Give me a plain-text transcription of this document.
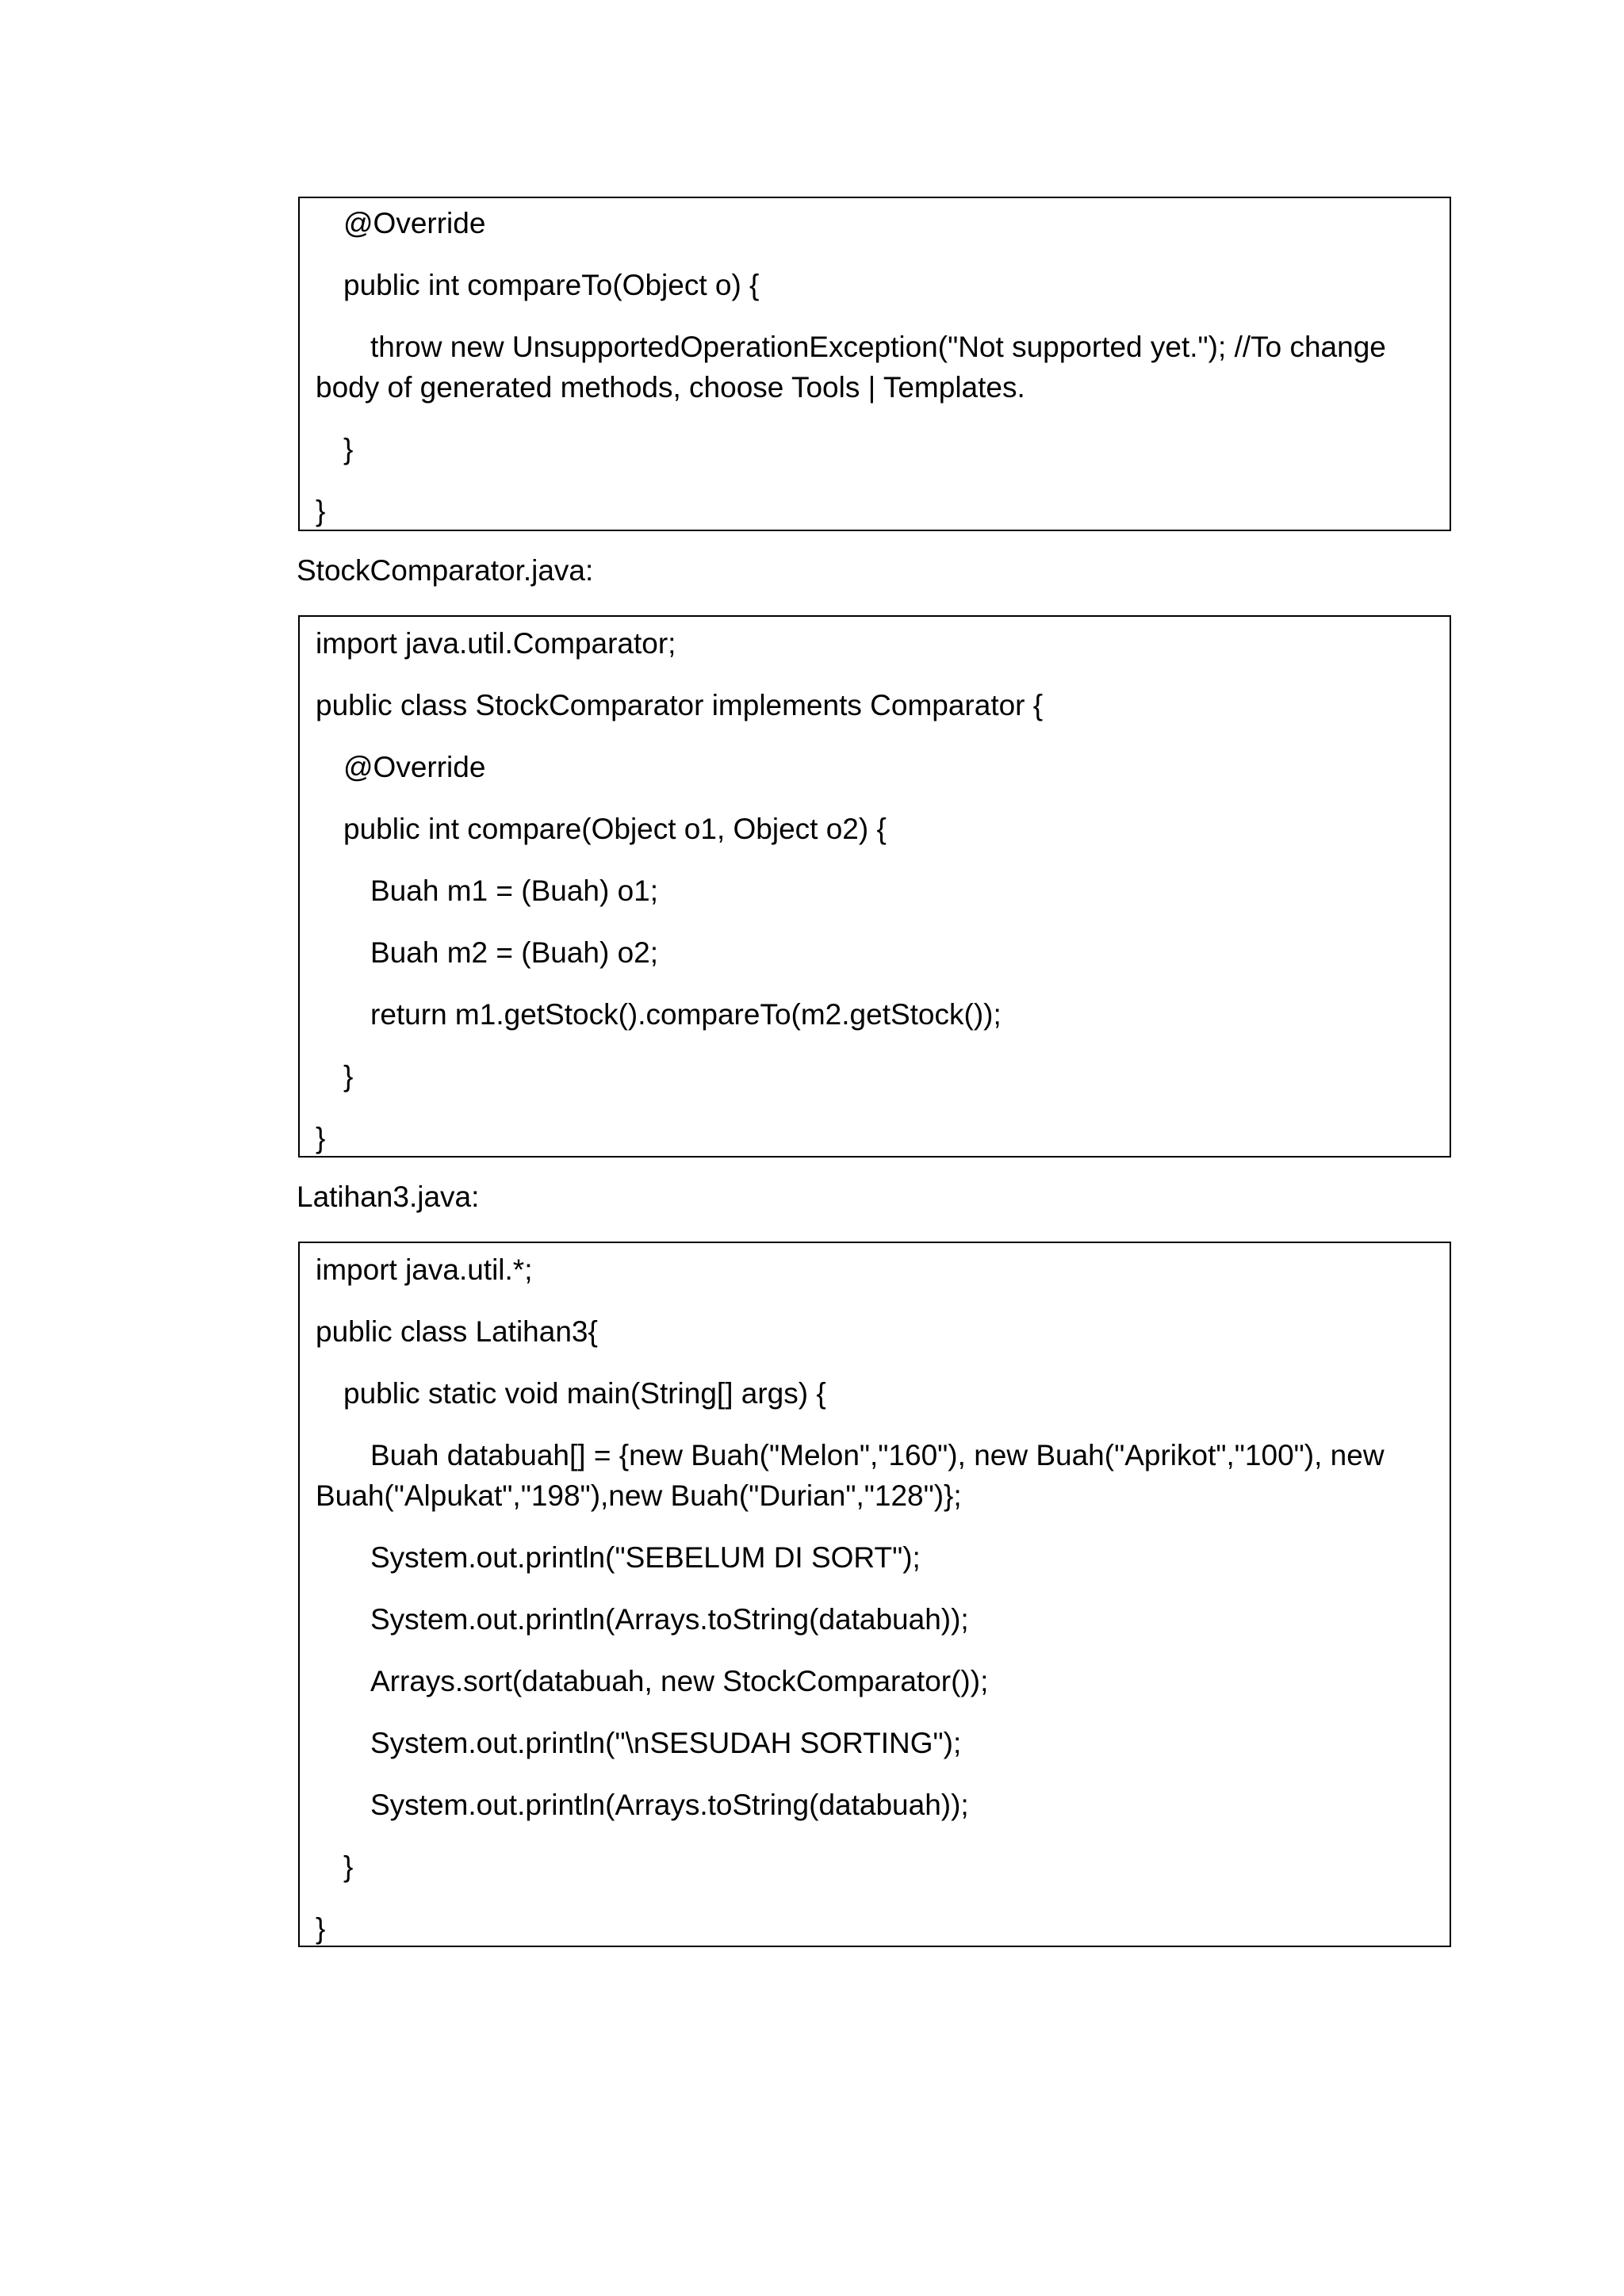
@Override
public int compareTo(Object o) {
throw new UnsupportedOperationException("Not supported yet."); //To change body of generated methods, choose Tools | Templates.
}
}
StockComparator.java:
import java.util.Comparator;
public class StockComparator implements Comparator {
@Override
public int compare(Object o1, Object o2) {
Buah m1 = (Buah) o1;
Buah m2 = (Buah) o2;
return m1.getStock().compareTo(m2.getStock());
}
}
Latihan3.java:
import java.util.*;
public class Latihan3{
public static void main(String[] args) {
Buah databuah[] = {new Buah("Melon","160"), new Buah("Aprikot","100"), new Buah("Alpukat","198"),new Buah("Durian","128")};
System.out.println("SEBELUM DI SORT");
System.out.println(Arrays.toString(databuah));
Arrays.sort(databuah, new StockComparator());
System.out.println("\nSESUDAH SORTING");
System.out.println(Arrays.toString(databuah));
}
}
